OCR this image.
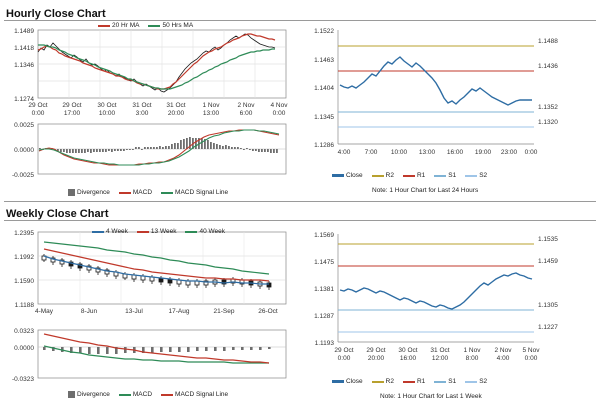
Hourly Close Chart
1.1489
1.1418
1.1346
1.1274
29 Oct
0:00
29 Oct
17:00
30 Oct
10:00
31 Oct
3:00
31 Oct
20:00
1 Nov
13:00
2 Nov
6:00
4 Nov
0:00
20 Hr MA	50 Hrs MA
0.0025
0.0000
-0.0025
Divergence	MACD	MACD Signal Line
1.1522
1.1463
1.1404
1.1345
1.1286
1.1488
1.1436
1.1352
1.1320
4:00 7:00 10:00 13:00 16:00 19:00 23:00 0:00
Close	R2	R1	S1	S2
Note: 1 Hour Chart for Last 24 Hours
Weekly Close Chart
1.2395
1.1992
1.1590
1.1188
4-May	8-Jun	13-Jul	17-Aug	21-Sep	26-Oct
4 Week	13 Week	40 Week
0.0323
0.0000
-0.0323
Divergence	MACD	MACD Signal Line
1.1569
1.1475
1.1381
1.1287
1.1193
1.1535
1.1459
1.1305
1.1227
29 Oct
0:00
29 Oct
20:00
30 Oct
16:00
31 Oct
12:00
1 Nov
8:00
2 Nov
4:00
5 Nov
0:00
Close	R2	R1	S1	S2
Note: 1 Hour Chart for Last 1 Week
